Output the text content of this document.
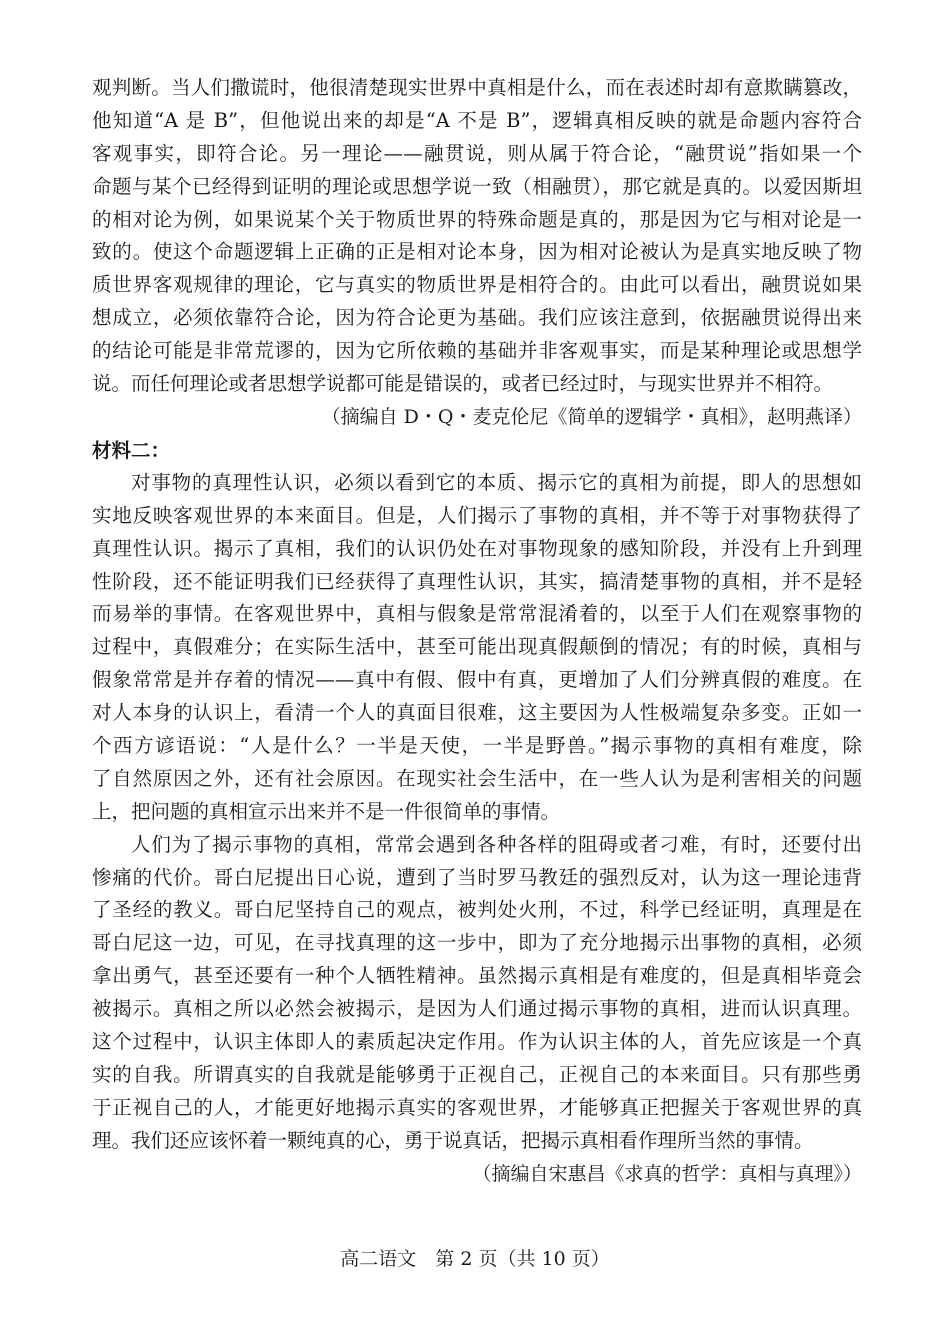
观判断。当人们撒谎时，他很清楚现实世界中真相是什么，而在表述时却有意欺瞒篡改，
他知道“A 是 B”，但他说出来的却是“A 不是 B”，逻辑真相反映的就是命题内容符合
客观事实，即符合论。另一理论——融贯说，则从属于符合论，“融贯说”指如果一个
命题与某个已经得到证明的理论或思想学说一致（相融贯），那它就是真的。以爱因斯坦
的相对论为例，如果说某个关于物质世界的特殊命题是真的，那是因为它与相对论是一
致的。使这个命题逻辑上正确的正是相对论本身，因为相对论被认为是真实地反映了物
质世界客观规律的理论，它与真实的物质世界是相符合的。由此可以看出，融贯说如果
想成立，必须依靠符合论，因为符合论更为基础。我们应该注意到，依据融贯说得出来
的结论可能是非常荒谬的，因为它所依赖的基础并非客观事实，而是某种理论或思想学
说。而任何理论或者思想学说都可能是错误的，或者已经过时，与现实世界并不相符。
（摘编自 D・Q・麦克伦尼《简单的逻辑学・真相》，赵明燕译）
材料二：
对事物的真理性认识，必须以看到它的本质、揭示它的真相为前提，即人的思想如
实地反映客观世界的本来面目。但是，人们揭示了事物的真相，并不等于对事物获得了
真理性认识。揭示了真相，我们的认识仍处在对事物现象的感知阶段，并没有上升到理
性阶段，还不能证明我们已经获得了真理性认识，其实，搞清楚事物的真相，并不是轻
而易举的事情。在客观世界中，真相与假象是常常混淆着的，以至于人们在观察事物的
过程中，真假难分；在实际生活中，甚至可能出现真假颠倒的情况；有的时候，真相与
假象常常是并存着的情况——真中有假、假中有真，更增加了人们分辨真假的难度。在
对人本身的认识上，看清一个人的真面目很难，这主要因为人性极端复杂多变。正如一
个西方谚语说：“人是什么？一半是天使，一半是野兽。”揭示事物的真相有难度，除
了自然原因之外，还有社会原因。在现实社会生活中，在一些人认为是利害相关的问题
上，把问题的真相宣示出来并不是一件很简单的事情。
人们为了揭示事物的真相，常常会遇到各种各样的阻碍或者刁难，有时，还要付出
惨痛的代价。哥白尼提出日心说，遭到了当时罗马教廷的强烈反对，认为这一理论违背
了圣经的教义。哥白尼坚持自己的观点，被判处火刑，不过，科学已经证明，真理是在
哥白尼这一边，可见，在寻找真理的这一步中，即为了充分地揭示出事物的真相，必须
拿出勇气，甚至还要有一种个人牺牲精神。虽然揭示真相是有难度的，但是真相毕竟会
被揭示。真相之所以必然会被揭示，是因为人们通过揭示事物的真相，进而认识真理。
这个过程中，认识主体即人的素质起决定作用。作为认识主体的人，首先应该是一个真
实的自我。所谓真实的自我就是能够勇于正视自己，正视自己的本来面目。只有那些勇
于正视自己的人，才能更好地揭示真实的客观世界，才能够真正把握关于客观世界的真
理。我们还应该怀着一颗纯真的心，勇于说真话，把揭示真相看作理所当然的事情。
（摘编自宋惠昌《求真的哲学：真相与真理》）
高二语文　第 2 页（共 10 页）
